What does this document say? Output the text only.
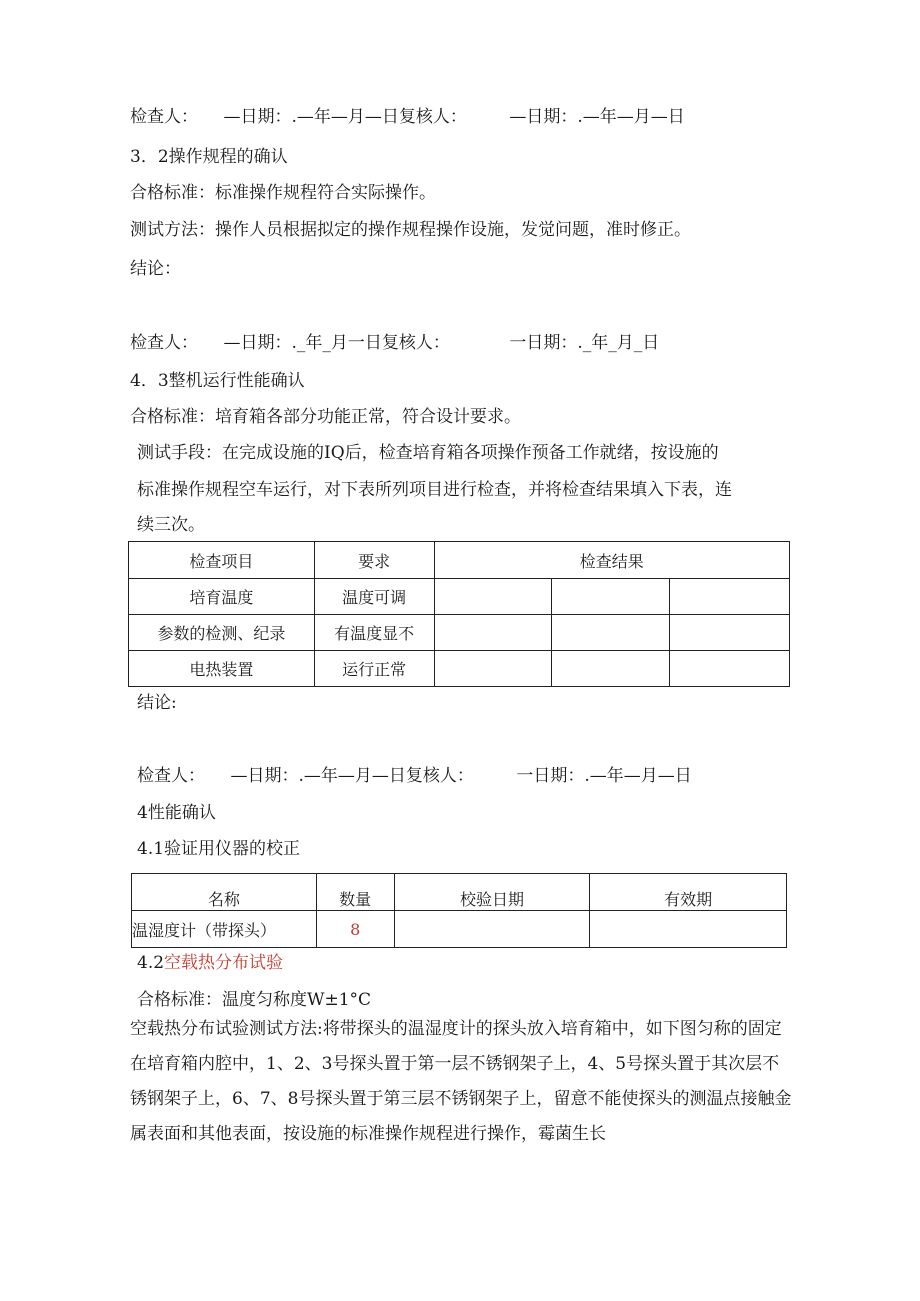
检查人：　　—日期：.—年—月—日复核人：　　　—日期：.—年—月—日
3．2操作规程的确认
合格标准：标准操作规程符合实际操作。
测试方法：操作人员根据拟定的操作规程操作设施，发觉问题，准时修正。
结论：
检查人：　　—日期：._年_月一日复核人：　　　　一日期：._年_月_日
4．3整机运行性能确认
合格标准：培育箱各部分功能正常，符合设计要求。
测试手段：在完成设施的IQ后，检查培育箱各项操作预备工作就绪，按设施的
标准操作规程空车运行，对下表所列项目进行检查，并将检查结果填入下表，连
续三次。
检查项目	要求	检查结果		
培育温度	温度可调			
参数的检测、纪录	有温度显不			
电热装置	运行正常			
结论:
检查人：　　—日期：.—年—月—日复核人：　　　一日期：.—年—月—日
4性能确认
4.1验证用仪器的校正
名称	数量	校验日期	有效期
温湿度计（带探头）	8		
4.2空载热分布试验
合格标准：温度匀称度W±1°C
空载热分布试验测试方法:将带探头的温湿度计的探头放入培育箱中，如下图匀称的固定在培育箱内腔中，1、2、3号探头置于第一层不锈钢架子上，4、5号探头置于其次层不锈钢架子上，6、7、8号探头置于第三层不锈钢架子上，留意不能使探头的测温点接触金属表面和其他表面，按设施的标准操作规程进行操作，霉菌生长
